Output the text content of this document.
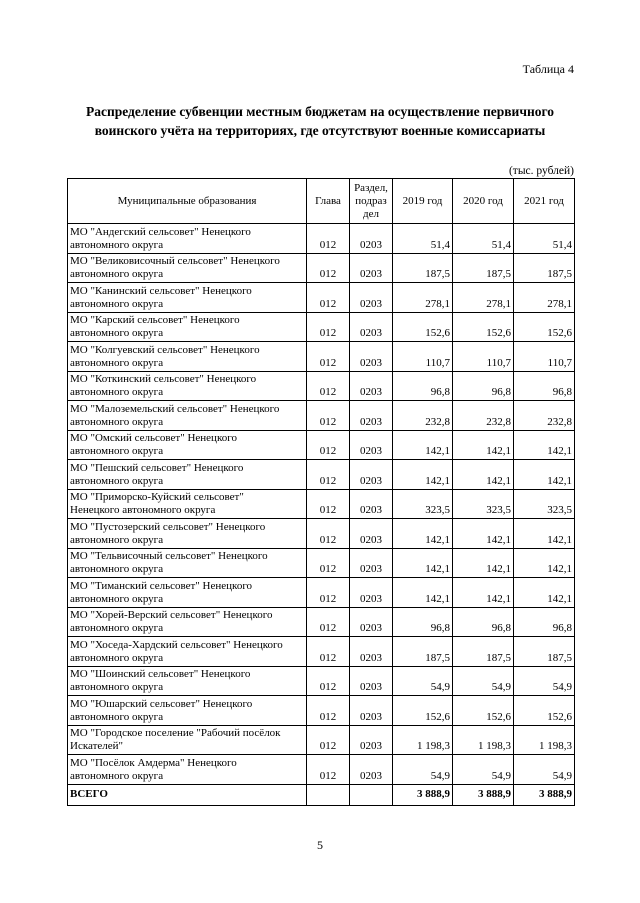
Таблица 4
Распределение субвенции местным бюджетам на осуществление первичного
воинского учёта на территориях, где отсутствуют военные комиссариаты
(тыс. рублей)
Муниципальные образования	Глава	Раздел,
подраз
дел	2019 год	2020 год	2021 год

МО "Андегский сельсовет" Ненецкого
автономного округа	012	0203	51,4	51,4	51,4

МО "Великовисочный сельсовет" Ненецкого
автономного округа	012	0203	187,5	187,5	187,5

МО "Канинский сельсовет" Ненецкого
автономного округа	012	0203	278,1	278,1	278,1

МО "Карский сельсовет" Ненецкого
автономного округа	012	0203	152,6	152,6	152,6

МО "Колгуевский сельсовет" Ненецкого
автономного округа	012	0203	110,7	110,7	110,7

МО "Коткинский сельсовет" Ненецкого
автономного округа	012	0203	96,8	96,8	96,8

МО "Малоземельский сельсовет" Ненецкого
автономного округа	012	0203	232,8	232,8	232,8

МО "Омский сельсовет" Ненецкого
автономного округа	012	0203	142,1	142,1	142,1

МО "Пешский сельсовет" Ненецкого
автономного округа	012	0203	142,1	142,1	142,1

МО "Приморско-Куйский сельсовет"
Ненецкого автономного округа	012	0203	323,5	323,5	323,5

МО "Пустозерский сельсовет" Ненецкого
автономного округа	012	0203	142,1	142,1	142,1

МО "Тельвисочный сельсовет" Ненецкого
автономного округа	012	0203	142,1	142,1	142,1

МО "Тиманский сельсовет" Ненецкого
автономного округа	012	0203	142,1	142,1	142,1

МО "Хорей-Верский сельсовет" Ненецкого
автономного округа	012	0203	96,8	96,8	96,8

МО "Хоседа-Хардский сельсовет" Ненецкого
автономного округа	012	0203	187,5	187,5	187,5

МО "Шоинский сельсовет" Ненецкого
автономного округа	012	0203	54,9	54,9	54,9

МО "Юшарский сельсовет" Ненецкого
автономного округа	012	0203	152,6	152,6	152,6

МО "Городское поселение "Рабочий посёлок
Искателей"	012	0203	1 198,3	1 198,3	1 198,3

МО "Посёлок Амдерма" Ненецкого
автономного округа	012	0203	54,9	54,9	54,9
ВСЕГО			3 888,9	3 888,9	3 888,9
5
